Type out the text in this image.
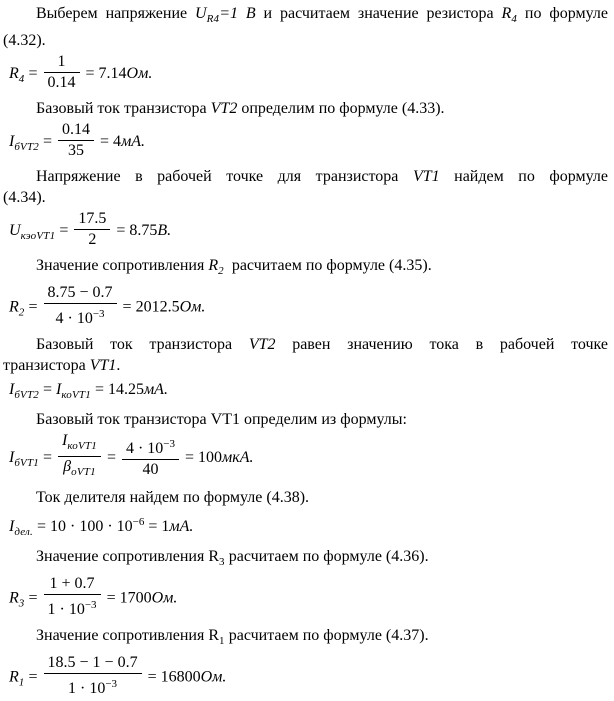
Выберем напряжение $U_{R4}=1$ В и расчитаем значение резистора $R_4$ по формуле
(4.32).

$R_4 = \frac{1}{0.14} = 7.14Ом$.

Базовый ток транзистора VT2 определим по формуле (4.33).

$I_{бVT2} = \frac{0.14}{35} = 4мА$.

Напряжение в рабочей точке для транзистора VT1 найдем по формуле
(4.34).

$U_{кэоVT1} = \frac{17.5}{2} = 8.75В$.

Значение сопротивления $R_2$  расчитаем по формуле (4.35).

$R_2 = \frac{8.75 - 0.7}{4 \cdot 10^{-3}} = 2012.5Ом$.

Базовый ток транзистора VT2 равен значению тока в рабочей точке
транзистора VT1.

$I_{бVT2} = I_{коVT1} = 14.25мА$.

Базовый ток транзистора VT1 определим из формулы:

$I_{бVT1} = \frac{I_{коVT1}}{\beta_{оVT1}} = \frac{4 \cdot 10^{-3}}{40} = 100мкА$.

Ток делителя найдем по формуле (4.38).

$I_{дел.} = 10 \cdot 100 \cdot 10^{-6} = 1мА$.

Значение сопротивления $R_3$ расчитаем по формуле (4.36).

$R_3 = \frac{1 + 0.7}{1 \cdot 10^{-3}} = 1700Ом$.

Значение сопротивления $R_1$ расчитаем по формуле (4.37).

$R_1 = \frac{18.5 - 1 - 0.7}{1 \cdot 10^{-3}} = 16800Ом$.
